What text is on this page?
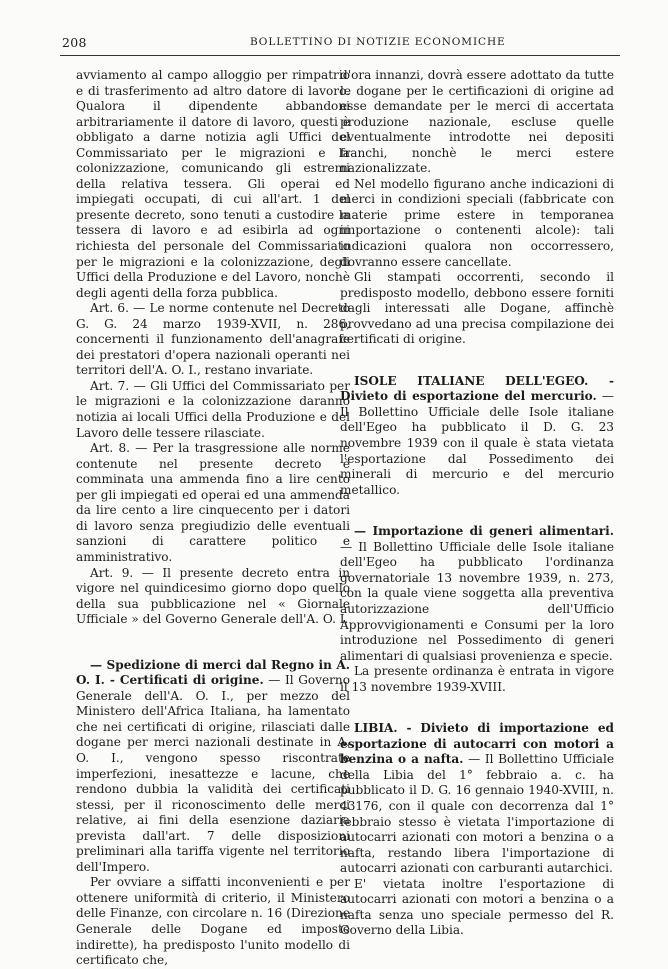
208	BOLLETTINO DI NOTIZIE ECONOMICHE

avviamento al campo alloggio per rimpatrio e di trasferimento ad altro datore di lavoro. Qualora il dipendente abbandoni arbitrariamente il datore di lavoro, questi è obbligato a darne notizia agli Uffici del Commissariato per le migrazioni e la colonizzazione, comunicando gli estremi della relativa tessera. Gli operai ed impiegati occupati, di cui all'art. 1 del presente decreto, sono tenuti a custodire la tessera di lavoro e ad esibirla ad ogni richiesta del personale del Commissariato per le migrazioni e la colonizzazione, degli Uffici della Produzione e del Lavoro, nonchè degli agenti della forza pubblica.

Art. 6. — Le norme contenute nel Decreto G. G. 24 marzo 1939-XVII, n. 286, concernenti il funzionamento dell'anagrafe dei prestatori d'opera nazionali operanti nei territori dell'A. O. I., restano invariate.

Art. 7. — Gli Uffici del Commissariato per le migrazioni e la colonizzazione daranno notizia ai locali Uffici della Produzione e del Lavoro delle tessere rilasciate.

Art. 8. — Per la trasgressione alle norme contenute nel presente decreto è comminata una ammenda fino a lire cento per gli impiegati ed operai ed una ammenda da lire cento a lire cinquecento per i datori di lavoro senza pregiudizio delle eventuali sanzioni di carattere politico e amministrativo.

Art. 9. — Il presente decreto entra in vigore nel quindicesimo giorno dopo quello della sua pubblicazione nel « Giornale Ufficiale » del Governo Generale dell'A. O. I.

— Spedizione di merci dal Regno in A. O. I. - Certificati di origine. — Il Governo Generale dell'A. O. I., per mezzo del Ministero dell'Africa Italiana, ha lamentato che nei certificati di origine, rilasciati dalle dogane per merci nazionali destinate in A. O. I., vengono spesso riscontrate imperfezioni, inesattezze e lacune, che rendono dubbia la validità dei certificati stessi, per il riconoscimento delle merci relative, ai fini della esenzione daziaria prevista dall'art. 7 delle disposizioni preliminari alla tariffa vigente nel territorio dell'Impero.

Per ovviare a siffatti inconvenienti e per ottenere uniformità di criterio, il Ministero delle Finanze, con circolare n. 16 (Direzione Generale delle Dogane ed imposte indirette), ha predisposto l'unito modello di certificato che,

d'ora innanzi, dovrà essere adottato da tutte le dogane per le certificazioni di origine ad esse demandate per le merci di accertata produzione nazionale, escluse quelle eventualmente introdotte nei depositi franchi, nonchè le merci estere nazionalizzate.

Nel modello figurano anche indicazioni di merci in condizioni speciali (fabbricate con materie prime estere in temporanea importazione o contenenti alcole): tali indicazioni qualora non occorressero, dovranno essere cancellate.

Gli stampati occorrenti, secondo il predisposto modello, debbono essere forniti dagli interessati alle Dogane, affinchè provvedano ad una precisa compilazione dei certificati di origine.

ISOLE ITALIANE DELL'EGEO. - Divieto di esportazione del mercurio. — Il Bollettino Ufficiale delle Isole italiane dell'Egeo ha pubblicato il D. G. 23 novembre 1939 con il quale è stata vietata l'esportazione dal Possedimento dei minerali di mercurio e del mercurio metallico.

— Importazione di generi alimentari. — Il Bollettino Ufficiale delle Isole italiane dell'Egeo ha pubblicato l'ordinanza governatoriale 13 novembre 1939, n. 273, con la quale viene soggetta alla preventiva autorizzazione dell'Ufficio Approvvigionamenti e Consumi per la loro introduzione nel Possedimento di generi alimentari di qualsiasi provenienza e specie.

La presente ordinanza è entrata in vigore il 13 novembre 1939-XVIII.

LIBIA. - Divieto di importazione ed esportazione di autocarri con motori a benzina o a nafta. — Il Bollettino Ufficiale della Libia del 1° febbraio a. c. ha pubblicato il D. G. 16 gennaio 1940-XVIII, n. 43176, con il quale con decorrenza dal 1° febbraio stesso è vietata l'importazione di autocarri azionati con motori a benzina o a nafta, restando libera l'importazione di autocarri azionati con carburanti autarchici.

E' vietata inoltre l'esportazione di autocarri azionati con motori a benzina o a nafta senza uno speciale permesso del R. Governo della Libia.
